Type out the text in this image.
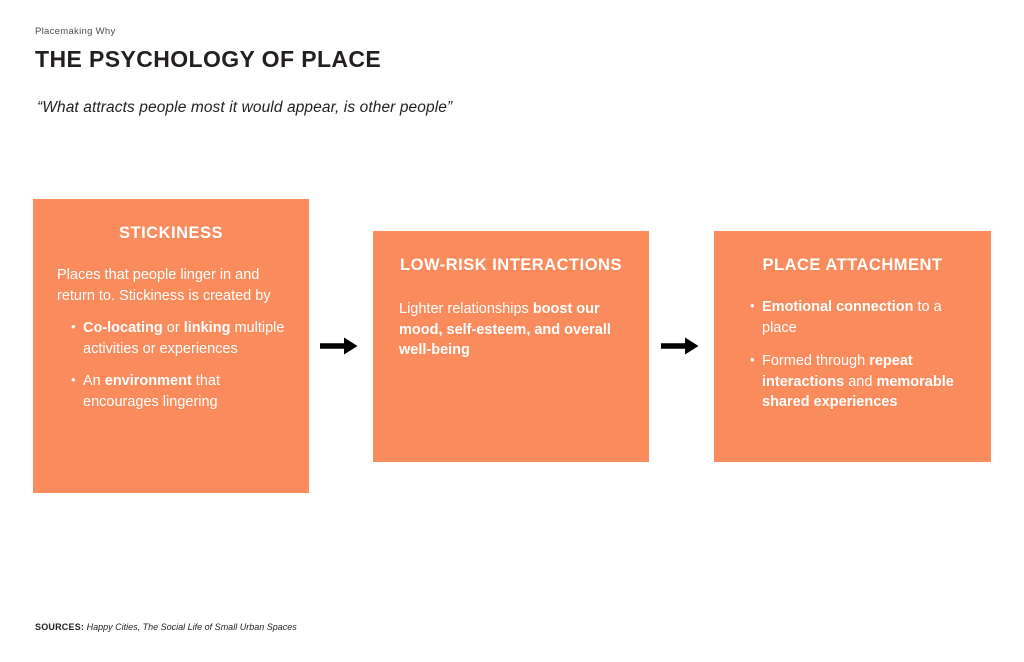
Placemaking Why
THE PSYCHOLOGY OF PLACE
“What attracts people most it would appear, is other people”
STICKINESS

Places that people linger in and return to. Stickiness is created by

• Co-locating or linking multiple activities or experiences
• An environment that encourages lingering
LOW-RISK INTERACTIONS

Lighter relationships boost our mood, self-esteem, and overall well-being

PLACE ATTACHMENT
• Emotional connection to a place
• Formed through repeat interactions and memorable shared experiences
SOURCES: Happy Cities, The Social Life of Small Urban Spaces
